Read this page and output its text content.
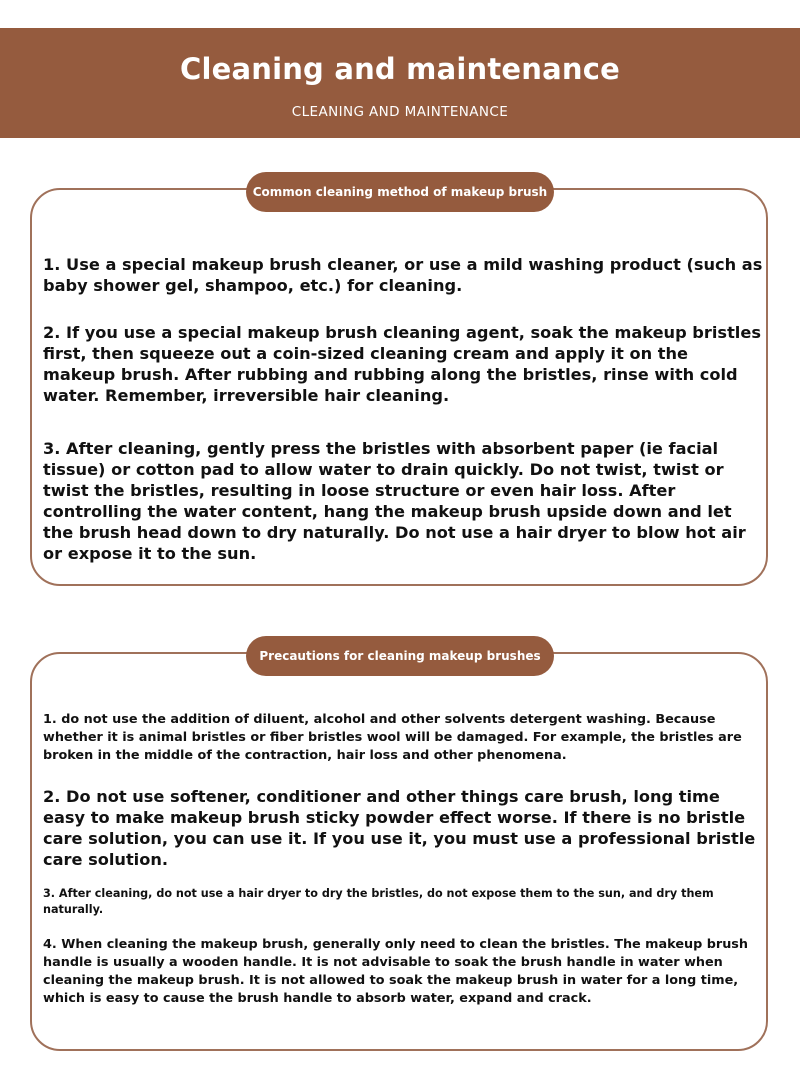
Cleaning and maintenance
CLEANING AND MAINTENANCE
Common cleaning method of makeup brush

1. Use a special makeup brush cleaner, or use a mild washing product (such as baby shower gel, shampoo, etc.) for cleaning.

2. If you use a special makeup brush cleaning agent, soak the makeup bristles first, then squeeze out a coin-sized cleaning cream and apply it on the makeup brush. After rubbing and rubbing along the bristles, rinse with cold water. Remember, irreversible hair cleaning.

3. After cleaning, gently press the bristles with absorbent paper (ie facial tissue) or cotton pad to allow water to drain quickly. Do not twist, twist or twist the bristles, resulting in loose structure or even hair loss. After controlling the water content, hang the makeup brush upside down and let the brush head down to dry naturally. Do not use a hair dryer to blow hot air or expose it to the sun.

Precautions for cleaning makeup brushes

1. do not use the addition of diluent, alcohol and other solvents detergent washing. Because whether it is animal bristles or fiber bristles wool will be damaged. For example, the bristles are broken in the middle of the contraction, hair loss and other phenomena.

2. Do not use softener, conditioner and other things care brush, long time easy to make makeup brush sticky powder effect worse. If there is no bristle care solution, you can use it. If you use it, you must use a professional bristle care solution.

3. After cleaning, do not use a hair dryer to dry the bristles, do not expose them to the sun, and dry them naturally.

4. When cleaning the makeup brush, generally only need to clean the bristles. The makeup brush handle is usually a wooden handle. It is not advisable to soak the brush handle in water when cleaning the makeup brush. It is not allowed to soak the makeup brush in water for a long time, which is easy to cause the brush handle to absorb water, expand and crack.
